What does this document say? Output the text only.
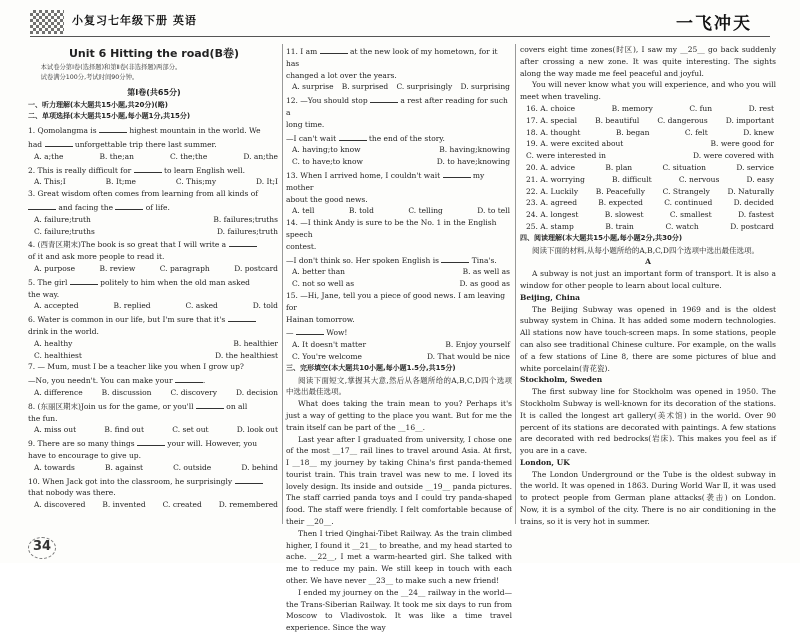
小复习七年级下册 英语	一飞冲天

Unit 6 Hitting the road(B卷)

本试卷分第Ⅰ卷(选择题)和第Ⅱ卷(非选择题)两部分。

试卷满分100分,考试时间90分钟。

第Ⅰ卷(共65分)

一、听力理解(本大题共15小题,共20分)(略)

二、单项选择(本大题共15小题,每小题1分,共15分)

1. Qomolangma is	highest mountain in the world. We

had	unforgettable trip there last summer.

A. a;the	B. the;an	C. the;the	D. an;the

2. This is really difficult for	to learn English well.

A. This;I	B. It;me	C. This;my	D. It;I

3. Great wisdom often comes from learning from all kinds of

and facing the	of life.

A. failure;truth	B. failures;truths

C. failure;truths	D. failures;truth

4. (西青区期末)The book is so great that I will write a

of it and ask more people to read it.

A. purpose	B. review	C. paragraph	D. postcard

5. The girl	politely to him when the old man asked

the way.

A. accepted	B. replied	C. asked	D. told

6. Water is common in our life, but I'm sure that it's

drink in the world.

A. healthy	B. healthier

C. healthiest	D. the healthiest

7. — Mum, must I be a teacher like you when I grow up?

—No, you needn't. You can make your	.

A. difference	B. discussion	C. discovery	D. decision

8. (东丽区期末)Join us for the game, or you'll	on all

the fun.

A. miss out	B. find out	C. set out	D. look out

9. There are so many things	your will. However, you

have to encourage to give up.

A. towards	B. against	C. outside	D. behind

10. When Jack got into the classroom, he surprisingly

that nobody was there.

A. discovered B. invented C. created D. remembered

11. I am	at the new look of my hometown, for it has

changed a lot over the years.

A. surprise B. surprised C. surprisingly D. surprising

12. —You should stop	a rest after reading for such a

long time.

—I can't wait	the end of the story.

A. having;to know	B. having;knowing

C. to have;to know	D. to have;knowing

13. When I arrived home, I couldn't wait	my mother

about the good news.

A. tell	B. told	C. telling	D. to tell

14. —I think Andy is sure to be the No. 1 in the English speech

contest.

—I don't think so. Her spoken English is	Tina's.

A. better than	B. as well as

C. not so well as	D. as good as

15. —Hi, Jane, tell you a piece of good news. I am leaving for

Hainan tomorrow.

—	Wow!

A. It doesn't matter	B. Enjoy yourself

C. You're welcome	D. That would be nice

三、完形填空(本大题共10小题,每小题1.5分,共15分)

阅读下面短文,掌握其大意,然后从各题所给的A,B,C,D四个选项中选出最佳选项。

What does taking the train mean to you? Perhaps it's just a way of getting to the place you want. But for me the train itself can be part of the __16__.

Last year after I graduated from university, I chose one of the most __17__ rail lines to travel around Asia. At first, I __18__ my journey by taking China's first panda-themed tourist train. This train travel was new to me. I loved its lovely design. Its inside and outside __19__ panda pictures. The staff carried panda toys and I could try panda-shaped food. The staff were friendly. I felt comfortable because of their __20__.

Then I tried Qinghai-Tibet Railway. As the train climbed higher, I found it __21__ to breathe, and my head started to ache. __22__, I met a warm-hearted girl. She talked with me to reduce my pain. We still keep in touch with each other. We have never __23__ to make such a new friend!

I ended my journey on the __24__ railway in the world—the Trans-Siberian Railway. It took me six days to run from Moscow to Vladivostok. It was like a time travel experience. Since the way

covers eight time zones(时区), I saw my __25__ go back suddenly after crossing a new zone. It was quite interesting. The sights along the way made me feel peaceful and joyful.

You will never know what you will experience, and who you will meet when traveling.

16. A. choice	B. memory	C. fun	D. rest

17. A. special B. beautiful C. dangerous D. important

18. A. thought	B. began	C. felt	D. knew

19. A. were excited about	B. were good for

C. were interested in	D. were covered with

20. A. advice	B. plan	C. situation	D. service

21. A. worrying	B. difficult	C. nervous	D. easy

22. A. Luckily B. Peacefully C. Strangely D. Naturally

23. A. agreed	B. expected	C. continued	D. decided

24. A. longest	B. slowest	C. smallest	D. fastest

25. A. stamp	B. train	C. watch	D. postcard

四、阅读理解(本大题共15小题,每小题2分,共30分)

阅读下面的材料,从每小题所给的A,B,C,D四个选项中选出最佳选项。

A

A subway is not just an important form of transport. It is also a window for other people to learn about local culture.

Beijing, China

The Beijing Subway was opened in 1969 and is the oldest subway system in China. It has added some modern technologies. All stations now have touch-screen maps. In some stations, people can also see traditional Chinese culture. For example, on the walls of a few stations of Line 8, there are some pictures of blue and white porcelain(青花瓷).

Stockholm, Sweden

The first subway line for Stockholm was opened in 1950. The Stockholm Subway is well-known for its decoration of the stations. It is called the longest art gallery(美术馆) in the world. Over 90 percent of its stations are decorated with paintings. A few stations are decorated with red bedrocks(岩床). This makes you feel as if you are in a cave.

London, UK

The London Underground or the Tube is the oldest subway in the world. It was opened in 1863. During World War Ⅱ, it was used to protect people from German plane attacks(袭击) on London. Now, it is a symbol of the city. There is no air conditioning in the trains, so it is very hot in summer.

34
